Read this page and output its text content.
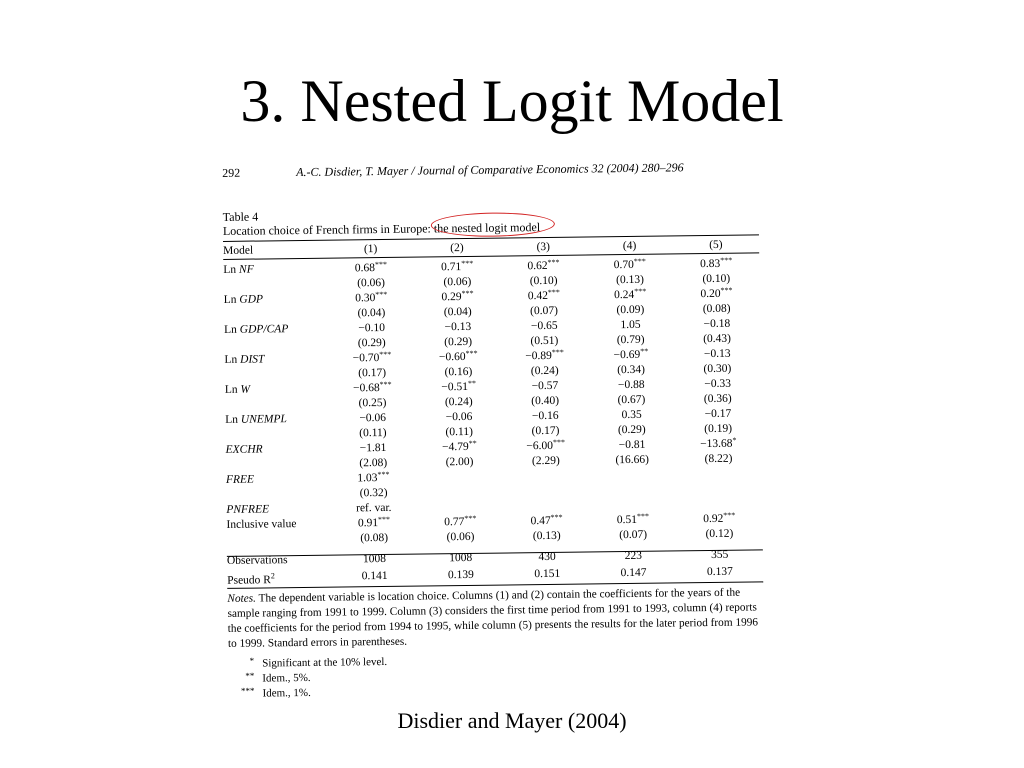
3. Nested Logit Model
292	A.-C. Disdier, T. Mayer / Journal of Comparative Economics 32 (2004) 280–296
Table 4
Location choice of French firms in Europe: the nested logit model
Model	(1)	(2)	(3)	(4)	(5)

Ln NF	0.68***	0.71***	0.62***	0.70***	0.83***
	(0.06)	(0.06)	(0.10)	(0.13)	(0.10)
Ln GDP	0.30***	0.29***	0.42***	0.24***	0.20***
	(0.04)	(0.04)	(0.07)	(0.09)	(0.08)
Ln GDP/CAP	−0.10	−0.13	−0.65	1.05	−0.18
	(0.29)	(0.29)	(0.51)	(0.79)	(0.43)
Ln DIST	−0.70***	−0.60***	−0.89***	−0.69**	−0.13
	(0.17)	(0.16)	(0.24)	(0.34)	(0.30)
Ln W	−0.68***	−0.51**	−0.57	−0.88	−0.33
	(0.25)	(0.24)	(0.40)	(0.67)	(0.36)
Ln UNEMPL	−0.06	−0.06	−0.16	0.35	−0.17
	(0.11)	(0.11)	(0.17)	(0.29)	(0.19)
EXCHR	−1.81	−4.79**	−6.00***	−0.81	−13.68*
	(2.08)	(2.00)	(2.29)	(16.66)	(8.22)
FREE	1.03***				
	(0.32)				
PNFREE	ref. var.				
Inclusive value	0.91***	0.77***	0.47***	0.51***	0.92***
	(0.08)	(0.06)	(0.13)	(0.07)	(0.12)

Observations	1008	1008	430	223	355
Pseudo $R^2$	0.141	0.139	0.151	0.147	0.137
Notes. The dependent variable is location choice. Columns (1) and (2) contain the coefficients for the years of the sample ranging from 1991 to 1999. Column (3) considers the first time period from 1991 to 1993, column (4) reports the coefficients for the period from 1994 to 1995, while column (5) presents the results for the later period from 1996 to 1999. Standard errors in parentheses.
* Significant at the 10% level.
** Idem., 5%.
*** Idem., 1%.
Disdier and Mayer (2004)
